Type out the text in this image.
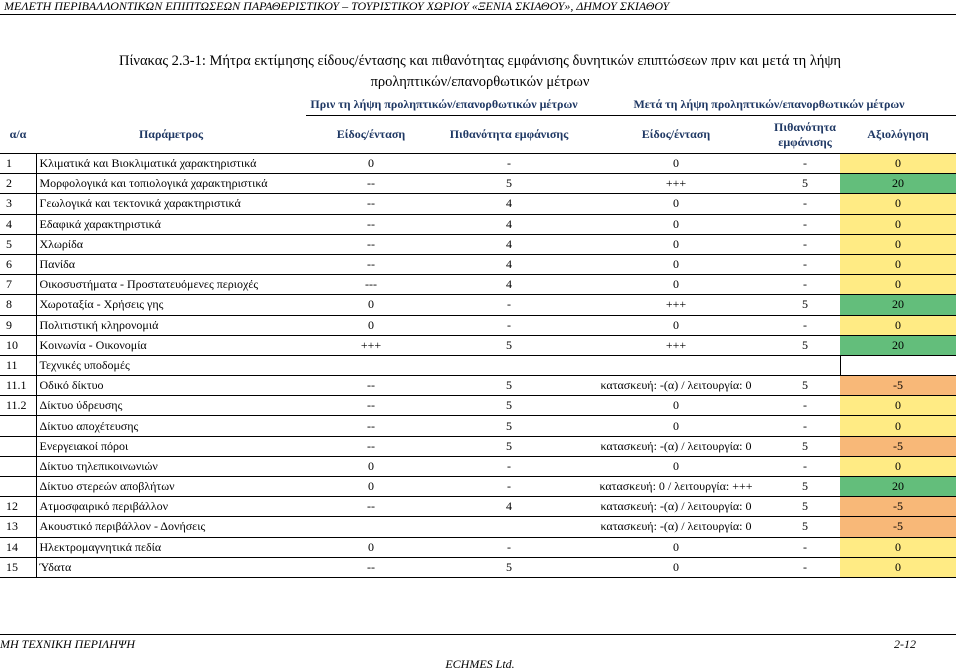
ΜΕΛΕΤΗ ΠΕΡΙΒΑΛΛΟΝΤΙΚΩΝ ΕΠΙΠΤΩΣΕΩΝ ΠΑΡΑΘΕΡΙΣΤΙΚΟΥ – ΤΟΥΡΙΣΤΙΚΟΥ ΧΩΡΙΟΥ «ΞΕΝΙΑ ΣΚΙΑΘΟΥ», ΔΗΜΟΥ ΣΚΙΑΘΟΥ
Πίνακας 2.3-1: Μήτρα εκτίμησης είδους/έντασης και πιθανότητας εμφάνισης δυνητικών επιπτώσεων πριν και μετά τη λήψη
προληπτικών/επανορθωτικών μέτρων
		Πριν τη λήψη προληπτικών/επανορθωτικών μέτρων		Μετά τη λήψη προληπτικών/επανορθωτικών μέτρων		
α/α	Παράμετρος	Είδος/ένταση	Πιθανότητα εμφάνισης	Είδος/ένταση	Πιθανότητα εμφάνισης	Αξιολόγηση
1	Κλιματικά και Βιοκλιματικά χαρακτηριστικά	0	-	0	-	0
2	Μορφολογικά και τοπιολογικά χαρακτηριστικά	--	5	+++	5	20
3	Γεωλογικά και τεκτονικά χαρακτηριστικά	--	4	0	-	0
4	Εδαφικά χαρακτηριστικά	--	4	0	-	0
5	Χλωρίδα	--	4	0	-	0
6	Πανίδα	--	4	0	-	0
7	Οικοσυστήματα - Προστατευόμενες περιοχές	---	4	0	-	0
8	Χωροταξία - Χρήσεις γης	0	-	+++	5	20
9	Πολιτιστική κληρονομιά	0	-	0	-	0
10	Κοινωνία - Οικονομία	+++	5	+++	5	20
11	Τεχνικές υποδομές					
11.1	Οδικό δίκτυο	--	5	κατασκευή: -(α) / λειτουργία: 0	5	-5
11.2	Δίκτυο ύδρευσης	--	5	0	-	0
	Δίκτυο αποχέτευσης	--	5	0	-	0
	Ενεργειακοί πόροι	--	5	κατασκευή: -(α) / λειτουργία: 0	5	-5
	Δίκτυο τηλεπικοινωνιών	0	-	0	-	0
	Δίκτυο στερεών αποβλήτων	0	-	κατασκευή: 0 / λειτουργία: +++	5	20
12	Ατμοσφαιρικό περιβάλλον	--	4	κατασκευή: -(α) / λειτουργία: 0	5	-5
13	Ακουστικό περιβάλλον - Δονήσεις			κατασκευή: -(α) / λειτουργία: 0	5	-5
14	Ηλεκτρομαγνητικά πεδία	0	-	0	-	0
15	Ύδατα	--	5	0	-	0
ΜΗ ΤΕΧΝΙΚΗ ΠΕΡΙΛΗΨΗ	2-12
ECHMES Ltd.
